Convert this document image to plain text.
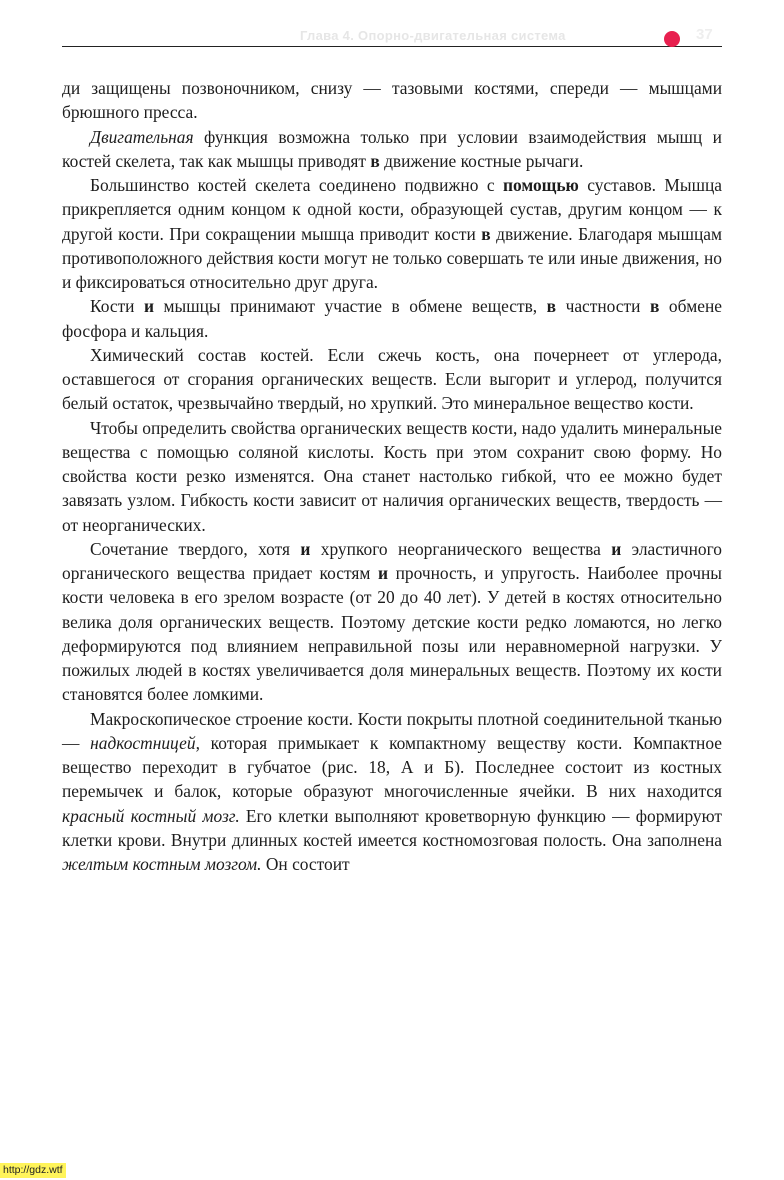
Глава 4. Опорно-двигательная система	37

ди защищены позвоночником, снизу — тазовыми костями, спереди — мышцами брюшного пресса.

Двигательная функция возможна только при условии взаимодействия мышц и костей скелета, так как мышцы приводят в движение костные рычаги.

Большинство костей скелета соединено подвижно с помощью суставов. Мышца прикрепляется одним концом к одной кости, образующей сустав, другим концом — к другой кости. При сокращении мышца приводит кости в движение. Благодаря мышцам противоположного действия кости могут не только совершать те или иные движения, но и фиксироваться относительно друг друга.

Кости и мышцы принимают участие в обмене веществ, в частности в обмене фосфора и кальция.

Химический состав костей. Если сжечь кость, она почернеет от углерода, оставшегося от сгорания органических веществ. Если выгорит и углерод, получится белый остаток, чрезвычайно твердый, но хрупкий. Это минеральное вещество кости.

Чтобы определить свойства органических веществ кости, надо удалить минеральные вещества с помощью соляной кислоты. Кость при этом сохранит свою форму. Но свойства кости резко изменятся. Она станет настолько гибкой, что ее можно будет завязать узлом. Гибкость кости зависит от наличия органических веществ, твердость — от неорганических.

Сочетание твердого, хотя и хрупкого неорганического вещества и эластичного органического вещества придает костям и прочность, и упругость. Наиболее прочны кости человека в его зрелом возрасте (от 20 до 40 лет). У детей в костях относительно велика доля органических веществ. Поэтому детские кости редко ломаются, но легко деформируются под влиянием неправильной позы или неравномерной нагрузки. У пожилых людей в костях увеличивается доля минеральных веществ. Поэтому их кости становятся более ломкими.

Макроскопическое строение кости. Кости покрыты плотной соединительной тканью — надкостницей, которая примыкает к компактному веществу кости. Компактное вещество переходит в губчатое (рис. 18, А и Б). Последнее состоит из костных перемычек и балок, которые образуют многочисленные ячейки. В них находится красный костный мозг. Его клетки выполняют кроветворную функцию — формируют клетки крови. Внутри длинных костей имеется костномозговая полость. Она заполнена желтым костным мозгом. Он состоит

http://gdz.wtf
